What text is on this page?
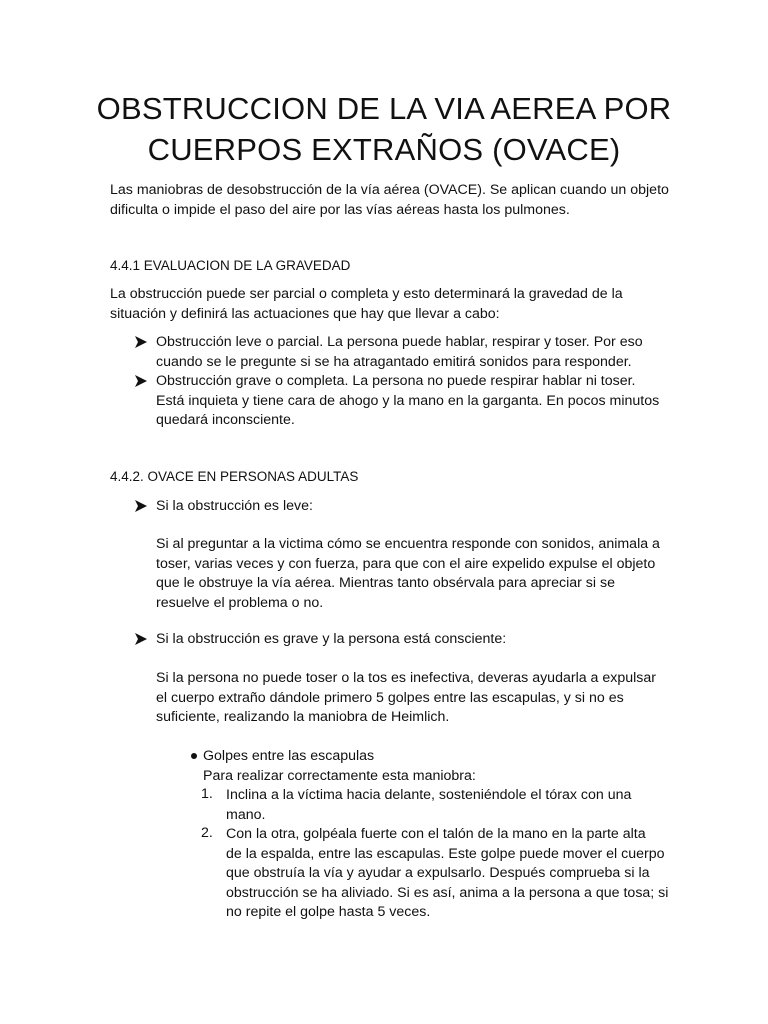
OBSTRUCCION DE LA VIA AEREA POR
CUERPOS EXTRAÑOS (OVACE)

Las maniobras de desobstrucción de la vía aérea (OVACE). Se aplican cuando un objeto

dificulta o impide el paso del aire por las vías aéreas hasta los pulmones.

4.4.1 EVALUACION DE LA GRAVEDAD

La obstrucción puede ser parcial o completa y esto determinará la gravedad de la

situación y definirá las actuaciones que hay que llevar a cabo:

Obstrucción leve o parcial. La persona puede hablar, respirar y toser. Por eso
cuando se le pregunte si se ha atragantado emitirá sonidos para responder.
Obstrucción grave o completa. La persona no puede respirar hablar ni toser.
Está inquieta y tiene cara de ahogo y la mano en la garganta. En pocos minutos
quedará inconsciente.
4.4.2. OVACE EN PERSONAS ADULTAS
Si la obstrucción es leve:

Si al preguntar a la victima cómo se encuentra responde con sonidos, animala a

toser, varias veces y con fuerza, para que con el aire expelido expulse el objeto

que le obstruye la vía aérea. Mientras tanto obsérvala para apreciar si se

resuelve el problema o no.

Si la obstrucción es grave y la persona está consciente:

Si la persona no puede toser o la tos es inefectiva, deveras ayudarla a expulsar

el cuerpo extraño dándole primero 5 golpes entre las escapulas, y si no es

suficiente, realizando la maniobra de Heimlich.

Golpes entre las escapulas

Para realizar correctamente esta maniobra:

1. Inclina a la víctima hacia delante, sosteniéndole el tórax con una

mano.

2. Con la otra, golpéala fuerte con el talón de la mano en la parte alta

de la espalda, entre las escapulas. Este golpe puede mover el cuerpo

que obstruía la vía y ayudar a expulsarlo. Después comprueba si la

obstrucción se ha aliviado. Si es así, anima a la persona a que tosa; si

no repite el golpe hasta 5 veces.
